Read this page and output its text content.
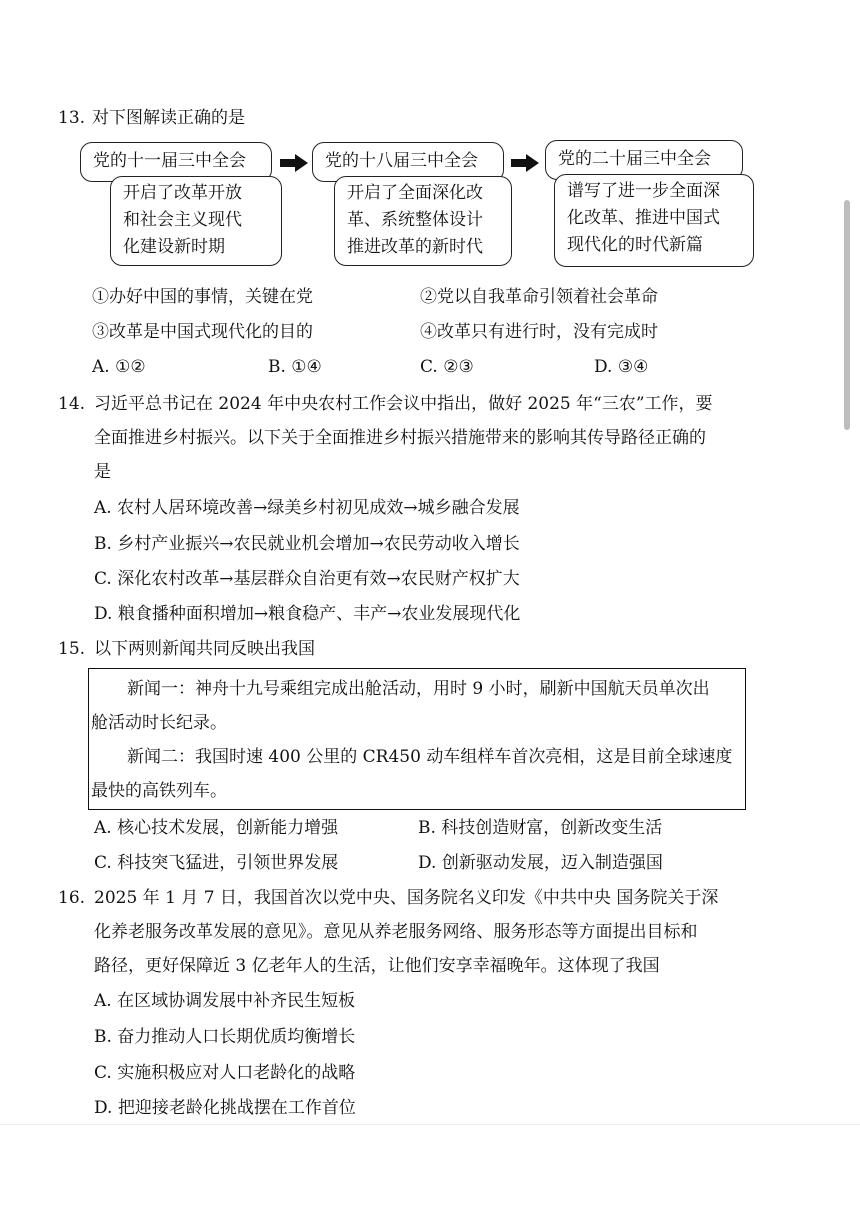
13. 对下图解读正确的是
党的十一届三中全会
开启了改革开放
和社会主义现代
化建设新时期
党的十八届三中全会
开启了全面深化改
革、系统整体设计
推进改革的新时代
党的二十届三中全会
谱写了进一步全面深
化改革、推进中国式
现代化的时代新篇
①办好中国的事情，关键在党	②党以自我革命引领着社会革命
③改革是中国式现代化的目的	④改革只有进行时，没有完成时
A. ①②	B. ①④	C. ②③	D. ③④
14. 习近平总书记在 2024 年中央农村工作会议中指出，做好 2025 年“三农”工作，要
全面推进乡村振兴。以下关于全面推进乡村振兴措施带来的影响其传导路径正确的
是
A. 农村人居环境改善→绿美乡村初见成效→城乡融合发展
B. 乡村产业振兴→农民就业机会增加→农民劳动收入增长
C. 深化农村改革→基层群众自治更有效→农民财产权扩大
D. 粮食播种面积增加→粮食稳产、丰产→农业发展现代化
15. 以下两则新闻共同反映出我国
新闻一：神舟十九号乘组完成出舱活动，用时 9 小时，刷新中国航天员单次出
舱活动时长纪录。
新闻二：我国时速 400 公里的 CR450 动车组样车首次亮相，这是目前全球速度
最快的高铁列车。
A. 核心技术发展，创新能力增强	B. 科技创造财富，创新改变生活
C. 科技突飞猛进，引领世界发展	D. 创新驱动发展，迈入制造强国
16. 2025 年 1 月 7 日，我国首次以党中央、国务院名义印发《中共中央 国务院关于深
化养老服务改革发展的意见》。意见从养老服务网络、服务形态等方面提出目标和
路径，更好保障近 3 亿老年人的生活，让他们安享幸福晚年。这体现了我国
A. 在区域协调发展中补齐民生短板
B. 奋力推动人口长期优质均衡增长
C. 实施积极应对人口老龄化的战略
D. 把迎接老龄化挑战摆在工作首位
